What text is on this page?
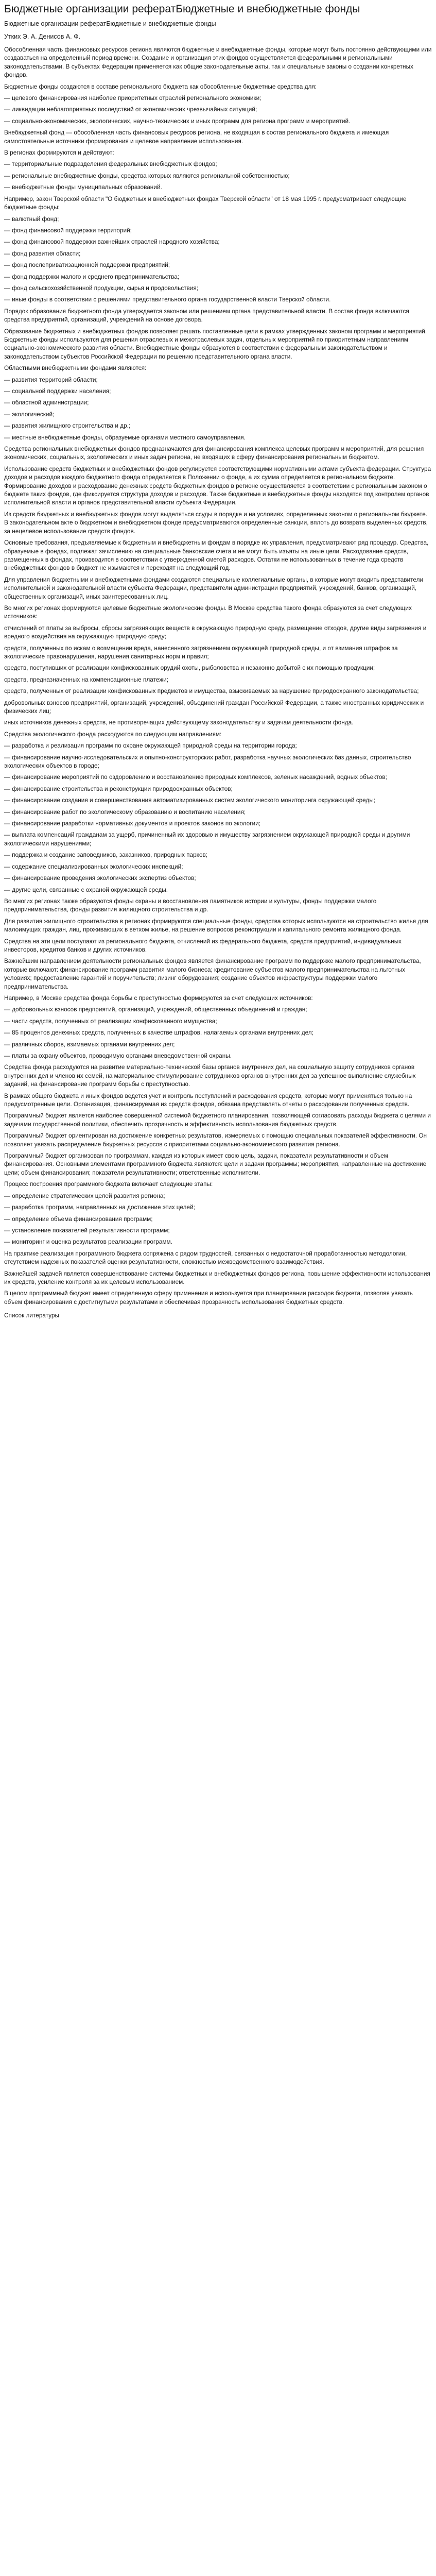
Бюджетные организации рефератБюджетные и внебюджетные фонды
Бюджетные организации рефератБюджетные и внебюджетные фонды
Утких Э. А. Денисов А. Ф.

Обособленная часть финансовых ресурсов региона являются бюджетные и внебюджетные фонды, которые могут быть постоянно действующими или создаваться на определенный период времени. Создание и организация этих фондов осуществляется федеральными и региональными законодательствами. В субъектах Федерации применяется как общие законодательные акты, так и специальные законы о создании конкретных фондов.

Бюджетные фонды создаются в составе регионального бюджета как обособленные бюджетные средства для:

— целевого финансирования наиболее приоритетных отраслей регионального экономики;

— ликвидации неблагоприятных последствий от экономических чрезвычайных ситуаций;

— социально-экономических, экологических, научно-технических и иных программ для региона программ и мероприятий.

Внебюджетный фонд — обособленная часть финансовых ресурсов региона, не входящая в состав регионального бюджета и имеющая самостоятельные источники формирования и целевое направление использования.

В регионах формируются и действуют:

— территориальные подразделения федеральных внебюджетных фондов;

— региональные внебюджетные фонды, средства которых являются региональной собственностью;

— внебюджетные фонды муниципальных образований.

Например, закон Тверской области "О бюджетных и внебюджетных фондах Тверской области" от 18 мая 1995 г. предусматривает следующие бюджетные фонды:

— валютный фонд;

— фонд финансовой поддержки территорий;

— фонд финансовой поддержки важнейших отраслей народного хозяйства;

— фонд развития области;

— фонд послеприватизационной поддержки предприятий;

— фонд поддержки малого и среднего предпринимательства;

— фонд сельскохозяйственной продукции, сырья и продовольствия;

— иные фонды в соответствии с решениями представительного органа государственной власти Тверской области.

Порядок образования бюджетного фонда утверждается законом или решением органа представительной власти. В состав фонда включаются средства предприятий, организаций, учреждений на основе договора.

Образование бюджетных и внебюджетных фондов позволяет решать поставленные цели в рамках утвержденных законом программ и мероприятий. Бюджетные фонды используются для решения отраслевых и межотраслевых задач, отдельных мероприятий по приоритетным направлениям социально-экономического развития области. Внебюджетные фонды образуются в соответствии с федеральным законодательством и законодательством субъектов Российской Федерации по решению представительного органа власти.

Областными внебюджетными фондами являются:

— развития территорий области;

— социальной поддержки населения;

— областной администрации;

— экологический;

— развития жилищного строительства и др.;

— местные внебюджетные фонды, образуемые органами местного самоуправления.

Средства региональных внебюджетных фондов предназначаются для финансирования комплекса целевых программ и мероприятий, для решения экономических, социальных, экологических и иных задач региона, не входящих в сферу финансирования региональным бюджетом.

Использование средств бюджетных и внебюджетных фондов регулируется соответствующими нормативными актами субъекта федерации. Структура доходов и расходов каждого бюджетного фонда определяется в Положении о фонде, а их сумма определяется в региональном бюджете. Формирование доходов и расходование денежных средств бюджетных фондов в регионе осуществляется в соответствии с региональным законом о бюджете таких фондов, где фиксируется структура доходов и расходов. Также бюджетные и внебюджетные фонды находятся под контролем органов исполнительной власти и органов представительной власти субъекта Федерации.

Из средств бюджетных и внебюджетных фондов могут выделяться ссуды в порядке и на условиях, определенных законом о региональном бюджете. В законодательном акте о бюджетном и внебюджетном фонде предусматриваются определенные санкции, вплоть до возврата выделенных средств, за нецелевое использование средств фондов.

Основные требования, предъявляемые к бюджетным и внебюджетным фондам в порядке их управления, предусматривают ряд процедур. Средства, образуемые в фондах, подлежат зачислению на специальные банковские счета и не могут быть изъяты на иные цели. Расходование средств, размещенных в фондах, производится в соответствии с утвержденной сметой расходов. Остатки не использованных в течение года средств внебюджетных фондов в бюджет не изымаются и переходят на следующий год.

Для управления бюджетными и внебюджетными фондами создаются специальные коллегиальные органы, в которые могут входить представители исполнительной и законодательной власти субъекта Федерации, представители администрации предприятий, учреждений, банков, организаций, общественных организаций, иных заинтересованных лиц.

Во многих регионах формируются целевые бюджетные экологические фонды. В Москве средства такого фонда образуются за счет следующих источников:

отчислений от платы за выбросы, сбросы загрязняющих веществ в окружающую природную среду, размещение отходов, другие виды загрязнения и вредного воздействия на окружающую природную среду;

средств, полученных по искам о возмещении вреда, нанесенного загрязнением окружающей природной среды, и от взимания штрафов за экологические правонарушения, нарушения санитарных норм и правил;

средств, поступивших от реализации конфискованных орудий охоты, рыболовства и незаконно добытой с их помощью продукции;

средств, предназначенных на компенсационные платежи;

средств, полученных от реализации конфискованных предметов и имущества, взыскиваемых за нарушение природоохранного законодательства;

добровольных взносов предприятий, организаций, учреждений, объединений граждан Российской Федерации, а также иностранных юридических и физических лиц;

иных источников денежных средств, не противоречащих действующему законодательству и задачам деятельности фонда.

Средства экологического фонда расходуются по следующим направлениям:

— разработка и реализация программ по охране окружающей природной среды на территории города;

— финансирование научно-исследовательских и опытно-конструкторских работ, разработка научных экологических баз данных, строительство экологических объектов в городе;

— финансирование мероприятий по оздоровлению и восстановлению природных комплексов, зеленых насаждений, водных объектов;

— финансирование строительства и реконструкции природоохранных объектов;

— финансирование создания и совершенствования автоматизированных систем экологического мониторинга окружающей среды;

— финансирование работ по экологическому образованию и воспитанию населения;

— финансирование разработки нормативных документов и проектов законов по экологии;

— выплата компенсаций гражданам за ущерб, причиненный их здоровью и имуществу загрязнением окружающей природной среды и другими экологическими нарушениями;

— поддержка и создание заповедников, заказников, природных парков;

— содержание специализированных экологических инспекций;

— финансирование проведения экологических экспертиз объектов;

— другие цели, связанные с охраной окружающей среды.

Во многих регионах также образуются фонды охраны и восстановления памятников истории и культуры, фонды поддержки малого предпринимательства, фонды развития жилищного строительства и др.

Для развития жилищного строительства в регионах формируются специальные фонды, средства которых используются на строительство жилья для малоимущих граждан, лиц, проживающих в ветхом жилье, на решение вопросов реконструкции и капитального ремонта жилищного фонда.

Средства на эти цели поступают из регионального бюджета, отчислений из федерального бюджета, средств предприятий, индивидуальных инвесторов, кредитов банков и других источников.

Важнейшим направлением деятельности региональных фондов является финансирование программ по поддержке малого предпринимательства, которые включают: финансирование программ развития малого бизнеса; кредитование субъектов малого предпринимательства на льготных условиях; предоставление гарантий и поручительств; лизинг оборудования; создание объектов инфраструктуры поддержки малого предпринимательства.

Например, в Москве средства фонда борьбы с преступностью формируются за счет следующих источников:

— добровольных взносов предприятий, организаций, учреждений, общественных объединений и граждан;

— части средств, полученных от реализации конфискованного имущества;

— 85 процентов денежных средств, полученных в качестве штрафов, налагаемых органами внутренних дел;

— различных сборов, взимаемых органами внутренних дел;

— платы за охрану объектов, проводимую органами вневедомственной охраны.

Средства фонда расходуются на развитие материально-технической базы органов внутренних дел, на социальную защиту сотрудников органов внутренних дел и членов их семей, на материальное стимулирование сотрудников органов внутренних дел за успешное выполнение служебных заданий, на финансирование программ борьбы с преступностью.

В рамках общего бюджета и иных фондов ведется учет и контроль поступлений и расходования средств, которые могут применяться только на предусмотренные цели. Организация, финансируемая из средств фондов, обязана представлять отчеты о расходовании полученных средств.

Программный бюджет является наиболее совершенной системой бюджетного планирования, позволяющей согласовать расходы бюджета с целями и задачами государственной политики, обеспечить прозрачность и эффективность использования бюджетных средств.

Программный бюджет ориентирован на достижение конкретных результатов, измеряемых с помощью специальных показателей эффективности. Он позволяет увязать распределение бюджетных ресурсов с приоритетами социально-экономического развития региона.

Программный бюджет организован по программам, каждая из которых имеет свою цель, задачи, показатели результативности и объем финансирования. Основными элементами программного бюджета являются: цели и задачи программы; мероприятия, направленные на достижение цели; объем финансирования; показатели результативности; ответственные исполнители.

Процесс построения программного бюджета включает следующие этапы:

— определение стратегических целей развития региона;

— разработка программ, направленных на достижение этих целей;

— определение объема финансирования программ;

— установление показателей результативности программ;

— мониторинг и оценка результатов реализации программ.

На практике реализация программного бюджета сопряжена с рядом трудностей, связанных с недостаточной проработанностью методологии, отсутствием надежных показателей оценки результативности, сложностью межведомственного взаимодействия.

Важнейшей задачей является совершенствование системы бюджетных и внебюджетных фондов региона, повышение эффективности использования их средств, усиление контроля за их целевым использованием.

В целом программный бюджет имеет определенную сферу применения и используется при планировании расходов бюджета, позволяя увязать объем финансирования с достигнутыми результатами и обеспечивая прозрачность использования бюджетных средств.

Список литературы
